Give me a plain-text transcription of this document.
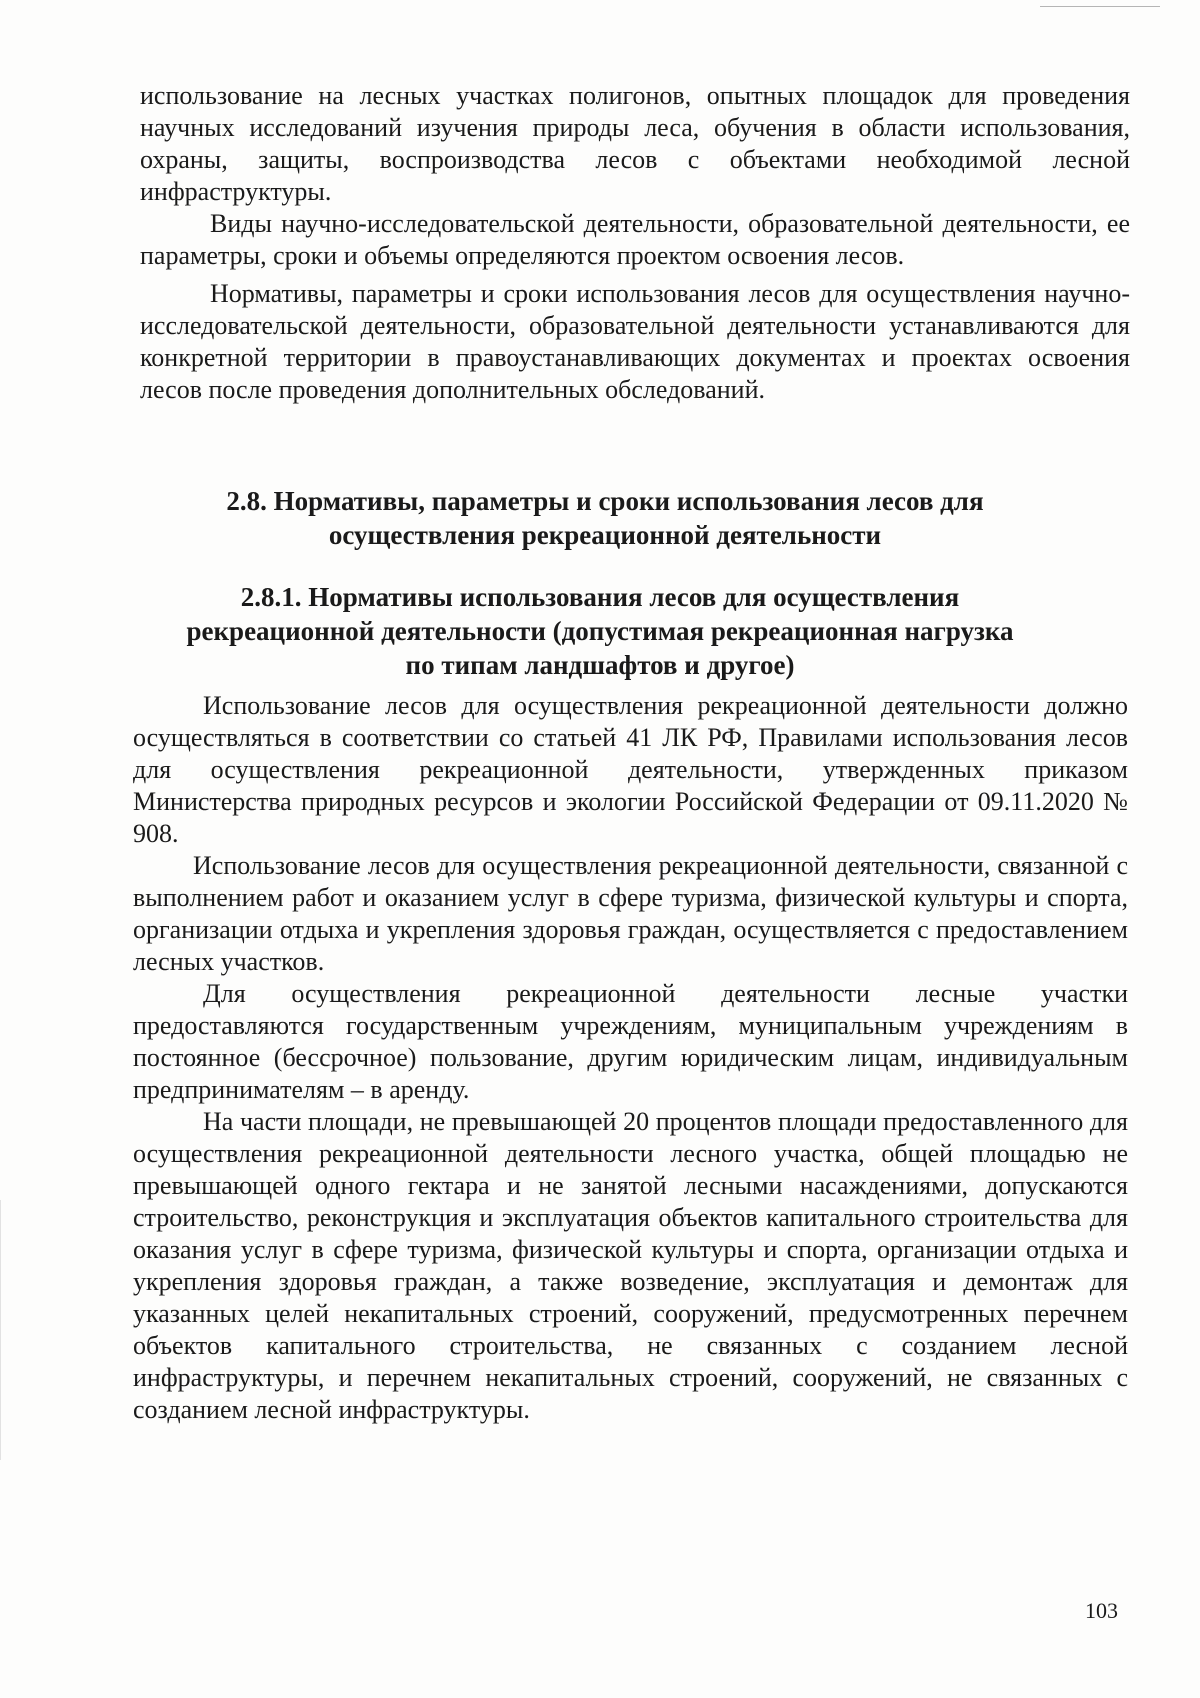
использование на лесных участках полигонов, опытных площадок для проведения научных исследований изучения природы леса, обучения в области использования, охраны, защиты, воспроизводства лесов с объектами необходимой лесной инфраструктуры.

Виды научно-исследовательской деятельности, образовательной деятельности, ее параметры, сроки и объемы определяются проектом освоения лесов.

Нормативы, параметры и сроки использования лесов для осуществления научно-исследовательской деятельности, образовательной деятельности устанавливаются для конкретной территории в правоустанавливающих документах и проектах освоения лесов после проведения дополнительных обследований.

2.8. Нормативы, параметры и сроки использования лесов для осуществления рекреационной деятельности

2.8.1. Нормативы использования лесов для осуществления рекреационной деятельности (допустимая рекреационная нагрузка по типам ландшафтов и другое)

Использование лесов для осуществления рекреационной деятельности должно осуществляться в соответствии со статьей 41 ЛК РФ, Правилами использования лесов для осуществления рекреационной деятельности, утвержденных приказом Министерства природных ресурсов и экологии Российской Федерации от 09.11.2020 № 908.

Использование лесов для осуществления рекреационной деятельности, связанной с выполнением работ и оказанием услуг в сфере туризма, физической культуры и спорта, организации отдыха и укрепления здоровья граждан, осуществляется с предоставлением лесных участков.

Для осуществления рекреационной деятельности лесные участки предоставляются государственным учреждениям, муниципальным учреждениям в постоянное (бессрочное) пользование, другим юридическим лицам, индивидуальным предпринимателям – в аренду.

На части площади, не превышающей 20 процентов площади предоставленного для осуществления рекреационной деятельности лесного участка, общей площадью не превышающей одного гектара и не занятой лесными насаждениями, допускаются строительство, реконструкция и эксплуатация объектов капитального строительства для оказания услуг в сфере туризма, физической культуры и спорта, организации отдыха и укрепления здоровья граждан, а также возведение, эксплуатация и демонтаж для указанных целей некапитальных строений, сооружений, предусмотренных перечнем объектов капитального строительства, не связанных с созданием лесной инфраструктуры, и перечнем некапитальных строений, сооружений, не связанных с созданием лесной инфраструктуры.

103
